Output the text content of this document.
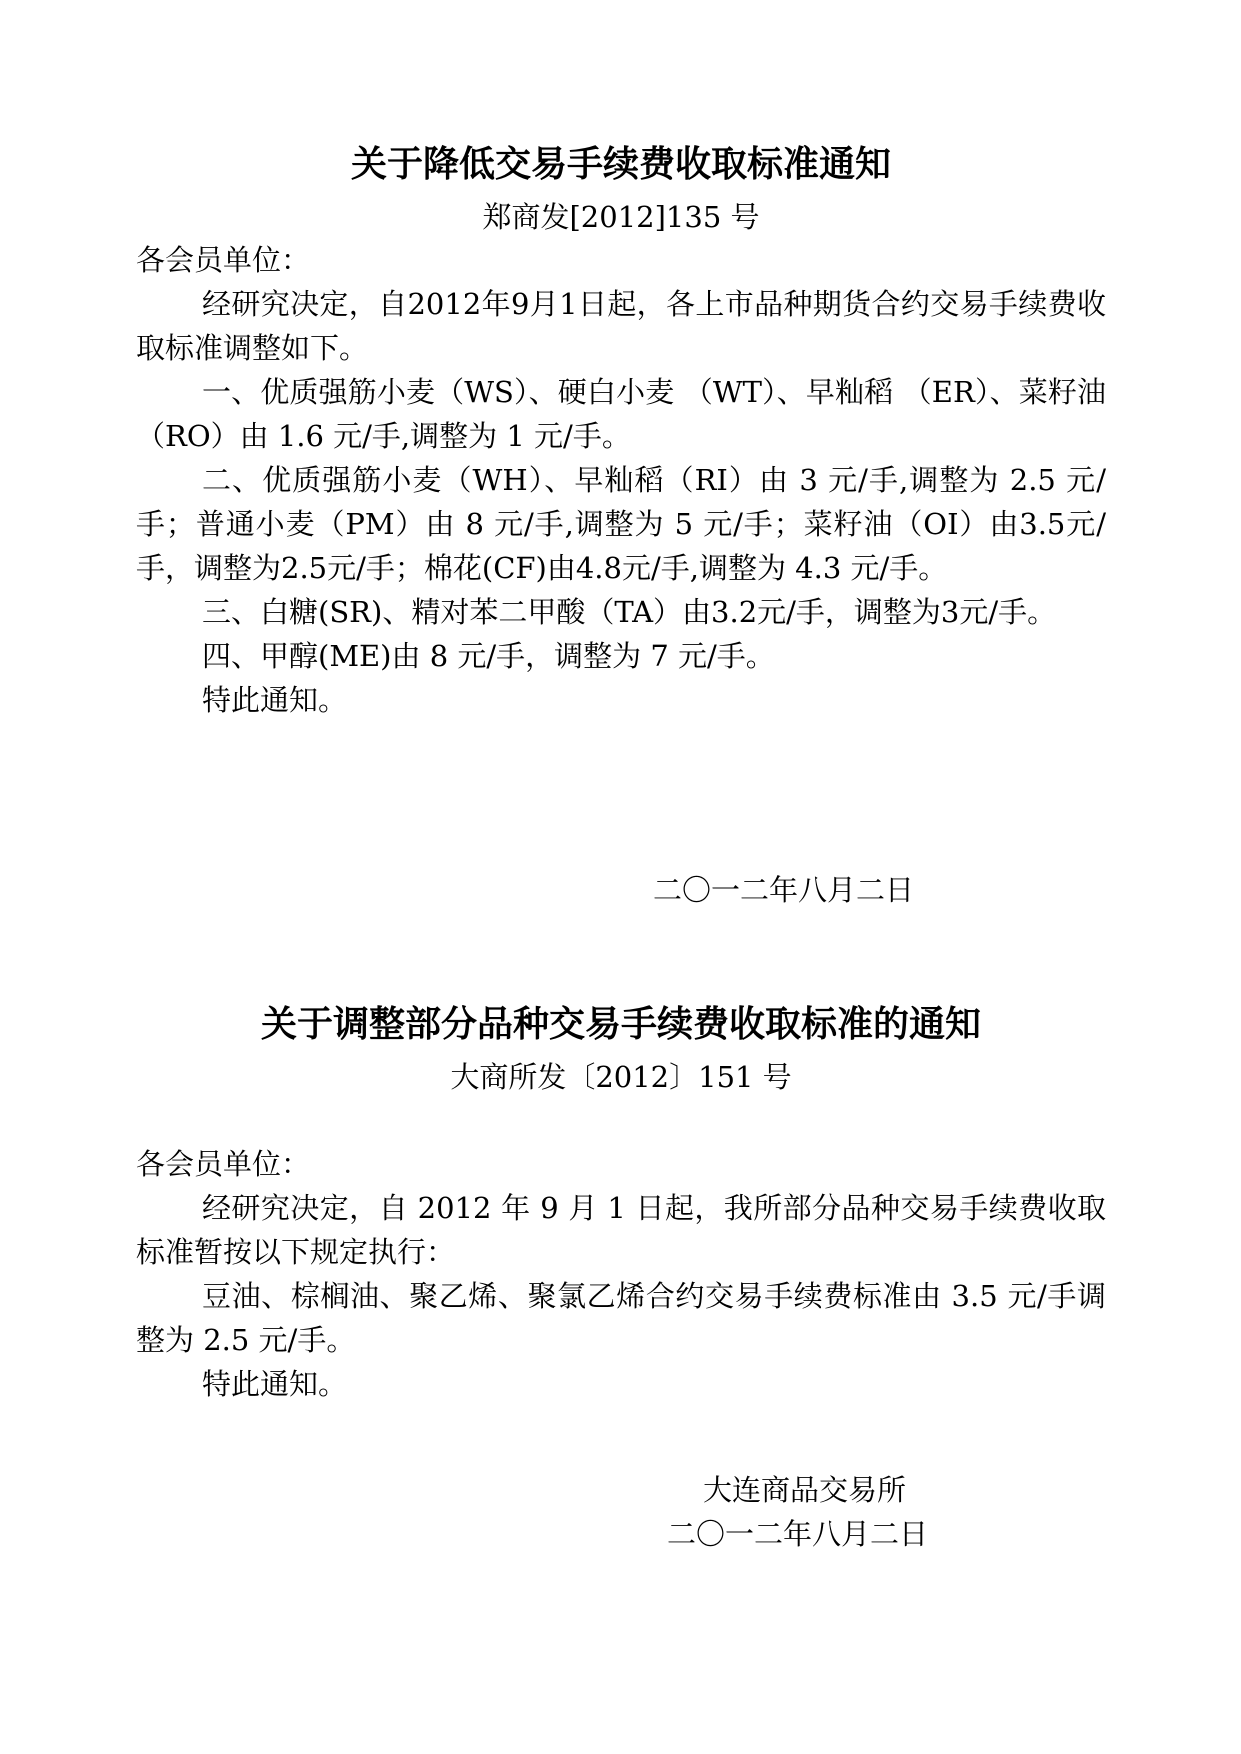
关于降低交易手续费收取标准通知

郑商发[2012]135 号

各会员单位：

经研究决定，自2012年9月1日起，各上市品种期货合约交易手续费收取标准调整如下。

一、优质强筋小麦（WS）、硬白小麦 （WT）、早籼稻 （ER）、菜籽油（RO）由 1.6 元/手,调整为 1 元/手。

二、优质强筋小麦（WH）、早籼稻（RI）由 3 元/手,调整为 2.5 元/手；普通小麦（PM）由 8 元/手,调整为 5 元/手；菜籽油（OI）由3.5元/手，调整为2.5元/手；棉花(CF)由4.8元/手,调整为 4.3 元/手。

三、白糖(SR)、精对苯二甲酸（TA）由3.2元/手，调整为3元/手。

四、甲醇(ME)由 8 元/手，调整为 7 元/手。

特此通知。

二〇一二年八月二日

关于调整部分品种交易手续费收取标准的通知

大商所发〔2012〕151 号

各会员单位：

经研究决定，自 2012 年 9 月 1 日起，我所部分品种交易手续费收取标准暂按以下规定执行：

豆油、棕榈油、聚乙烯、聚氯乙烯合约交易手续费标准由 3.5 元/手调整为 2.5 元/手。

特此通知。

大连商品交易所

二〇一二年八月二日
